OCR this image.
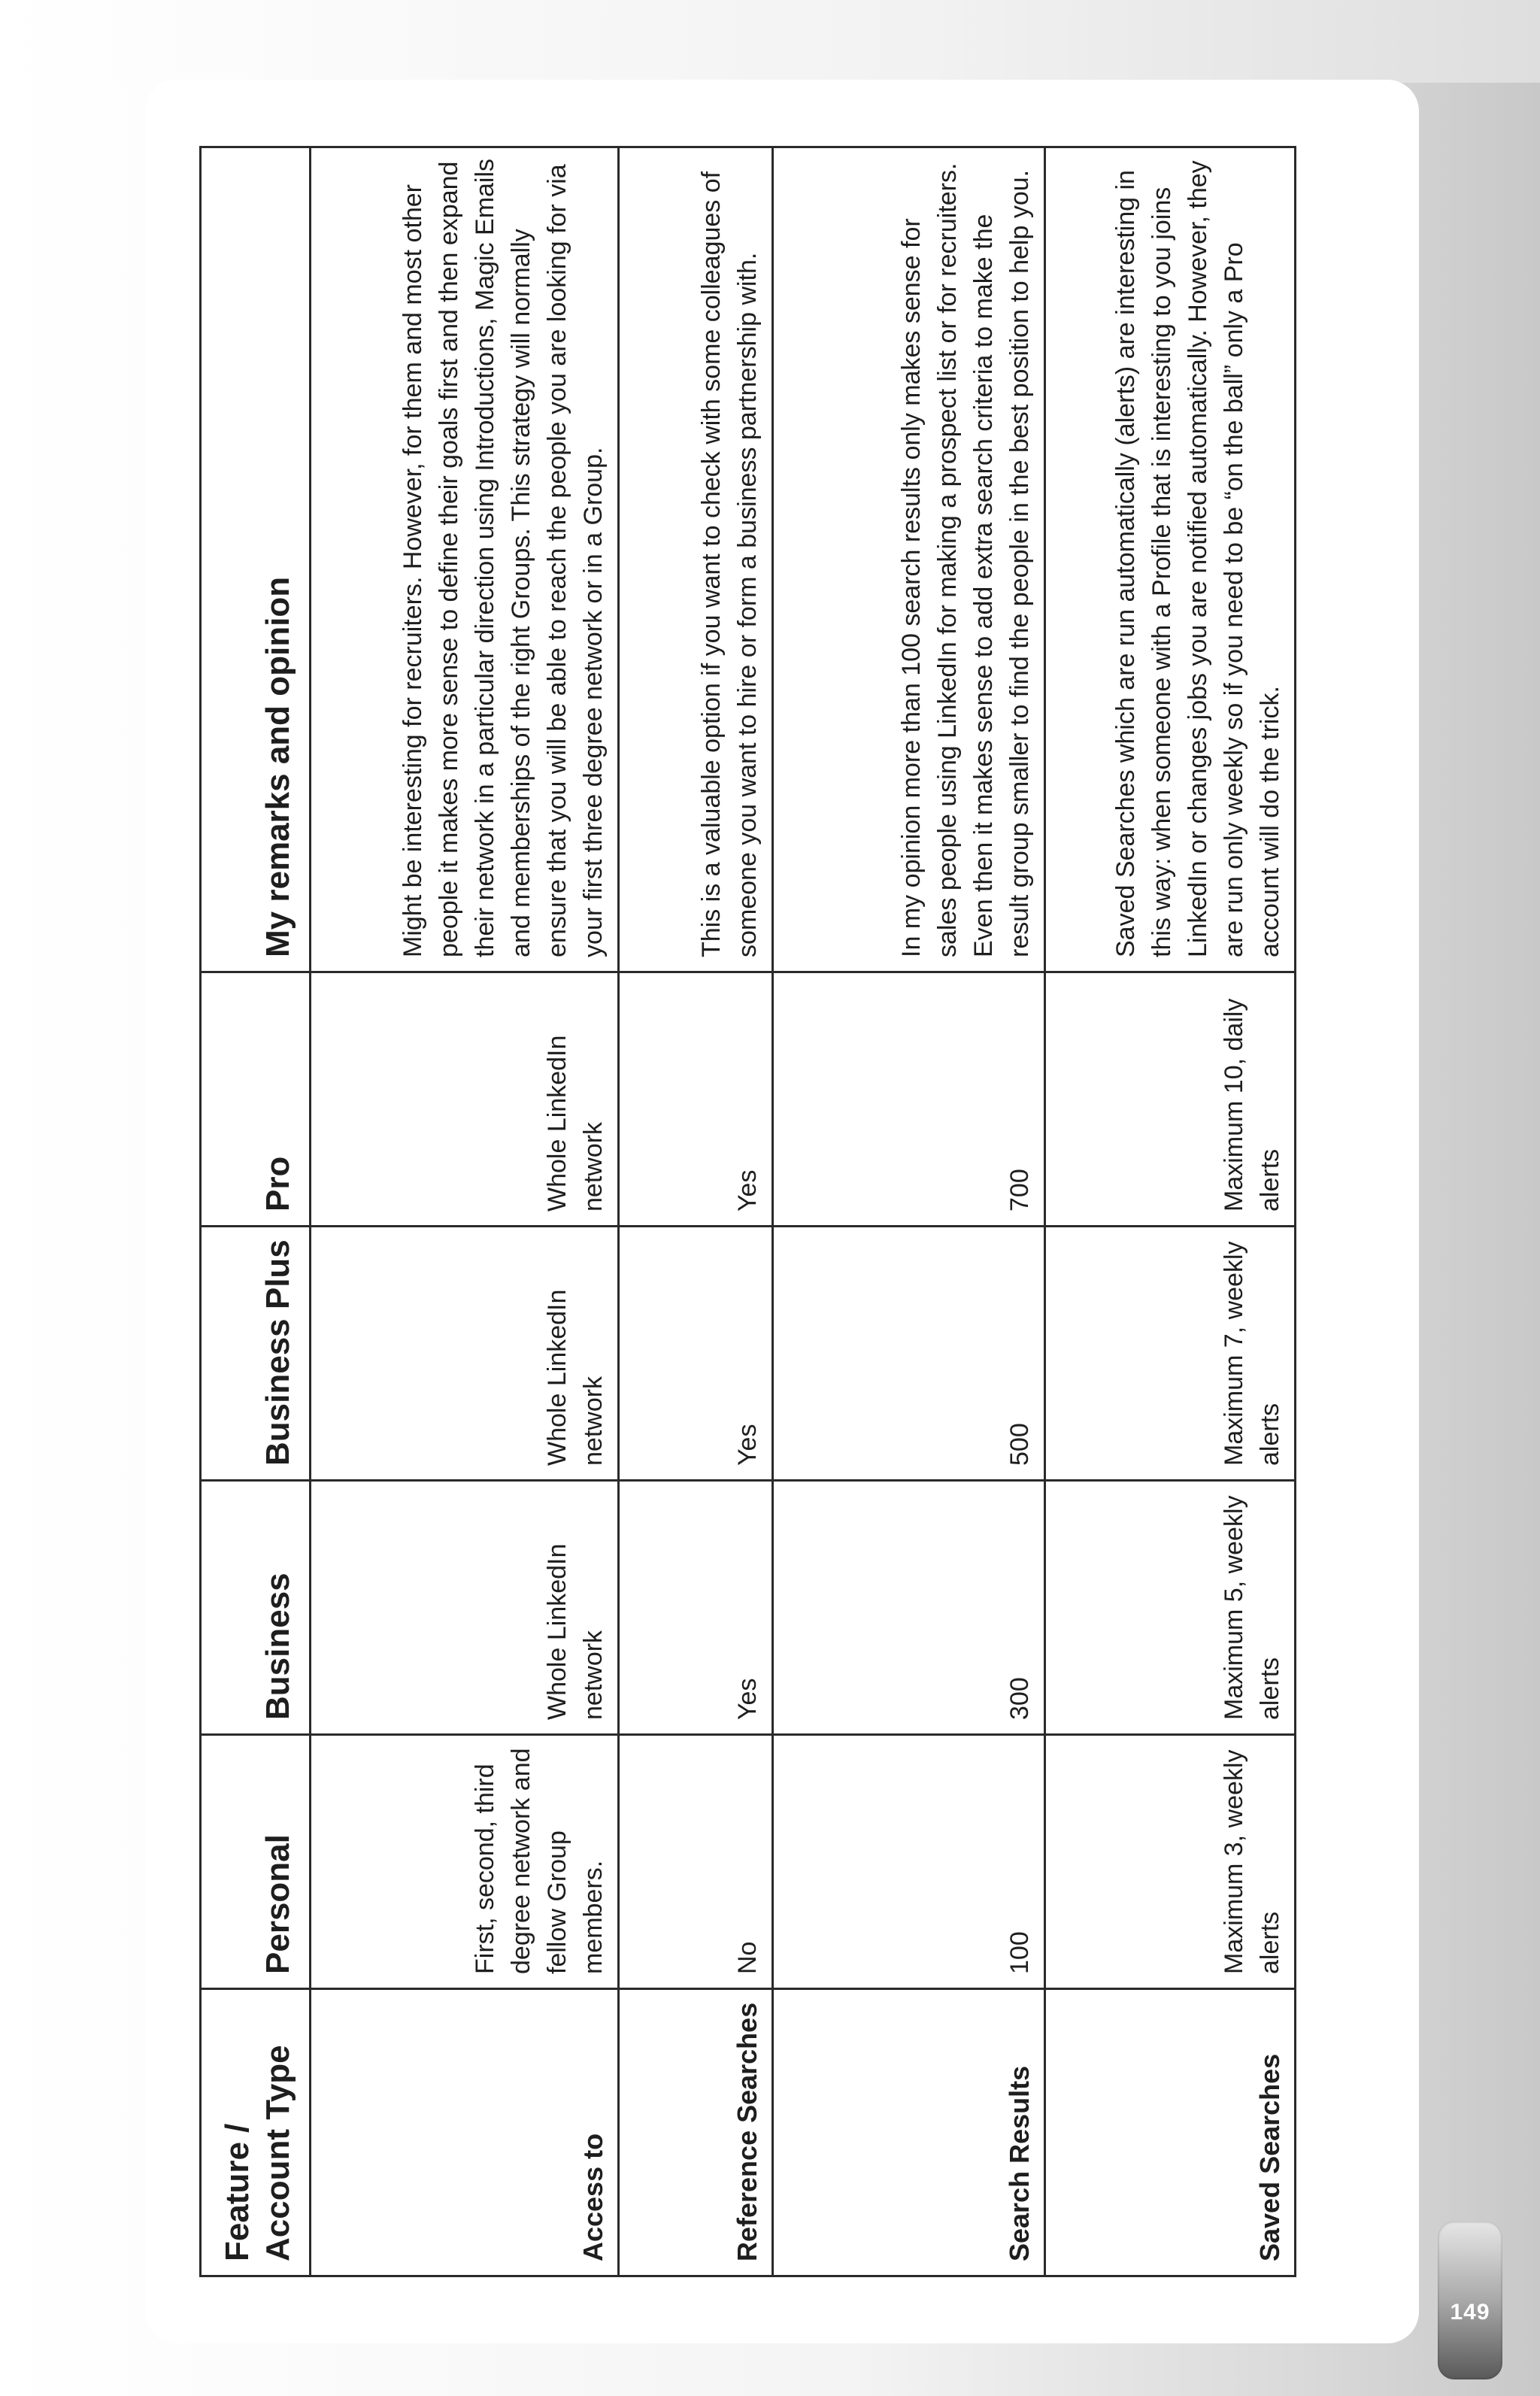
Feature / Account Type	Personal	Business	Business Plus	Pro	My remarks and opinion
Access to	First, second, third degree network and fellow Group members.	Whole LinkedIn network	Whole LinkedIn network	Whole LinkedIn network	Might be interesting for recruiters. However, for them and most other people it makes more sense to define their goals first and then expand their network in a particular direction using Introductions, Magic Emails and memberships of the right Groups. This strategy will normally ensure that you will be able to reach the people you are looking for via your first three degree network or in a Group.
Reference Searches	No	Yes	Yes	Yes	This is a valuable option if you want to check with some colleagues of someone you want to hire or form a business partnership with.
Search Results	100	300	500	700	In my opinion more than 100 search results only makes sense for sales people using LinkedIn for making a prospect list or for recruiters. Even then it makes sense to add extra search criteria to make the result group smaller to find the people in the best position to help you.
Saved Searches	Maximum 3, weekly alerts	Maximum 5, weekly alerts	Maximum 7, weekly alerts	Maximum 10, daily alerts	Saved Searches which are run automatically (alerts) are interesting in this way: when someone with a Profile that is interesting to you joins LinkedIn or changes jobs you are notified automatically. However, they are run only weekly so if you need to be “on the ball” only a Pro account will do the trick.
149
